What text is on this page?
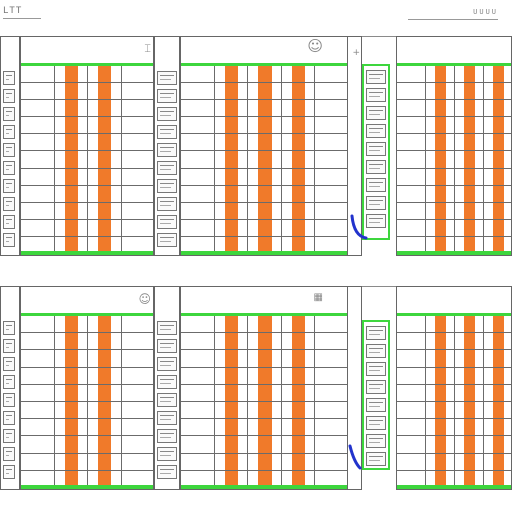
LTT	UUUU
⌶	☺	+
☺	▦
